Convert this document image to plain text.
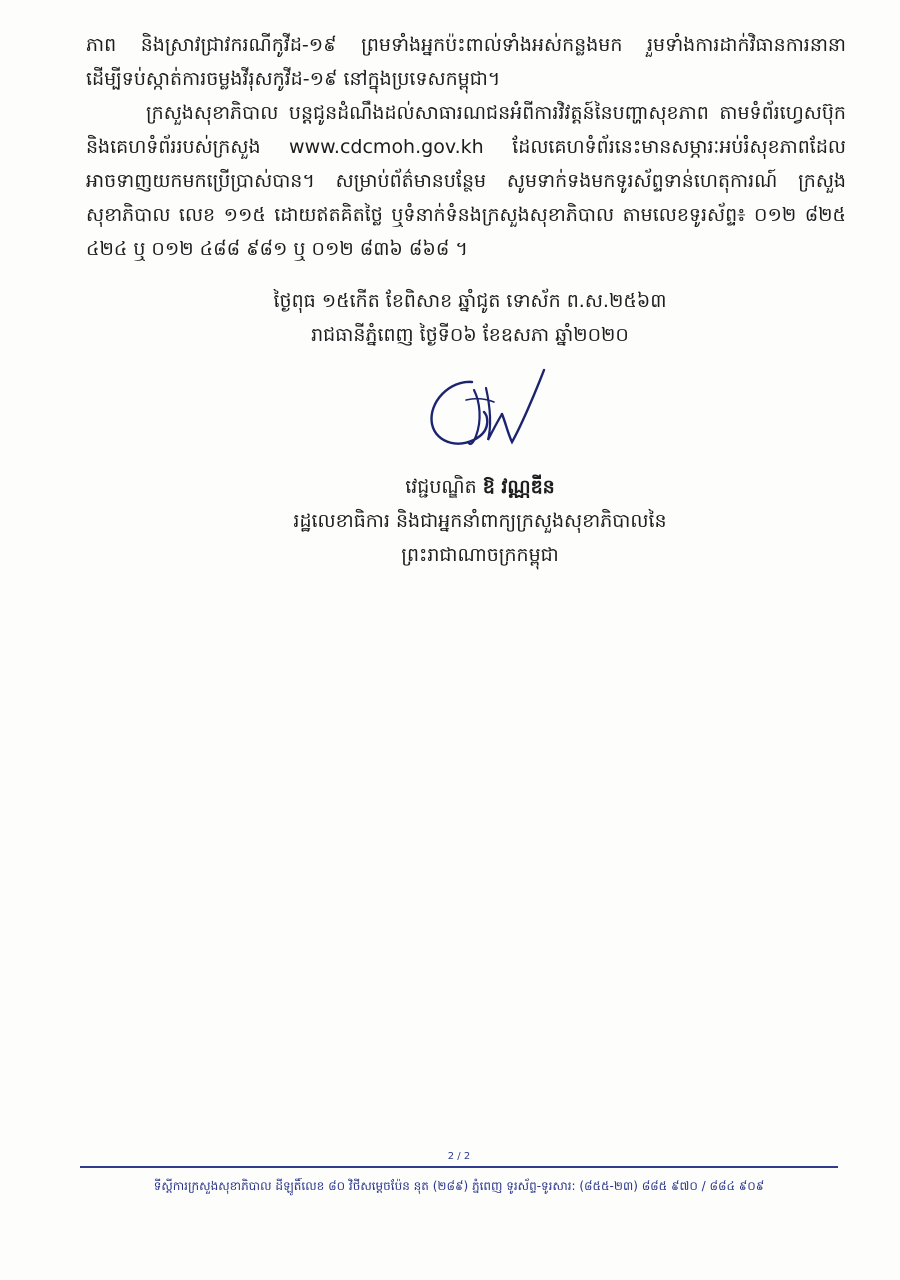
ភាព និងស្រាវជ្រាវករណីកូវីដ-១៩ ព្រមទាំងអ្នកប៉ះពាល់ទាំងអស់កន្លងមក រួមទាំងការដាក់វិធានការនានា ដើម្បីទប់ស្កាត់ការចម្លងវីរុសកូវីដ-១៩ នៅក្នុងប្រទេសកម្ពុជា។

ក្រសួងសុខាភិបាល បន្តជូនដំណឹងដល់សាធារណជនអំពីការវិវត្តន៍នៃបញ្ហាសុខភាព តាមទំព័រហ្វេសប៊ុក និងគេហទំព័ររបស់ក្រសួង www.cdcmoh.gov.kh ដែលគេហទំព័រនេះមានសម្ភារៈអប់រំសុខភាពដែលអាចទាញយកមកប្រើប្រាស់បាន។ សម្រាប់ព័ត៌មានបន្ថែម សូមទាក់ទងមកទូរស័ព្ទទាន់ហេតុការណ៍ ក្រសួងសុខាភិបាល លេខ ១១៥ ដោយឥតគិតថ្លៃ ឬទំនាក់ទំនងក្រសួងសុខាភិបាល តាមលេខទូរស័ព្ទ៖ ០១២ ៨២៥ ៤២៤ ឬ ០១២ ៤៨៨ ៩៨១ ឬ ០១២ ៨៣៦ ៨៦៨ ។

ថ្ងៃពុធ ១៥កើត ខែពិសាខ ឆ្នាំជូត ទោស័ក ព.ស.២៥៦៣
រាជធានីភ្នំពេញ ថ្ងៃទី០៦ ខែឧសភា ឆ្នាំ២០២០
វេជ្ជបណ្ឌិត ឱ វណ្ណឌីន
រដ្ឋលេខាធិការ និងជាអ្នកនាំពាក្យក្រសួងសុខាភិបាលនៃព្រះរាជាណាចក្រកម្ពុជា
2 / 2
ទីស្តីការក្រសួងសុខាភិបាល ដីឡូតិ៍លេខ ៨០ វិថីសម្តេចប៉ែន នុត (២៨៩) ភ្នំពេញ ទូរស័ព្ទ-ទូរសារ: (៨៥៥-២៣) ៨៨៥ ៩៧០ / ៨៨៤ ៩០៩
